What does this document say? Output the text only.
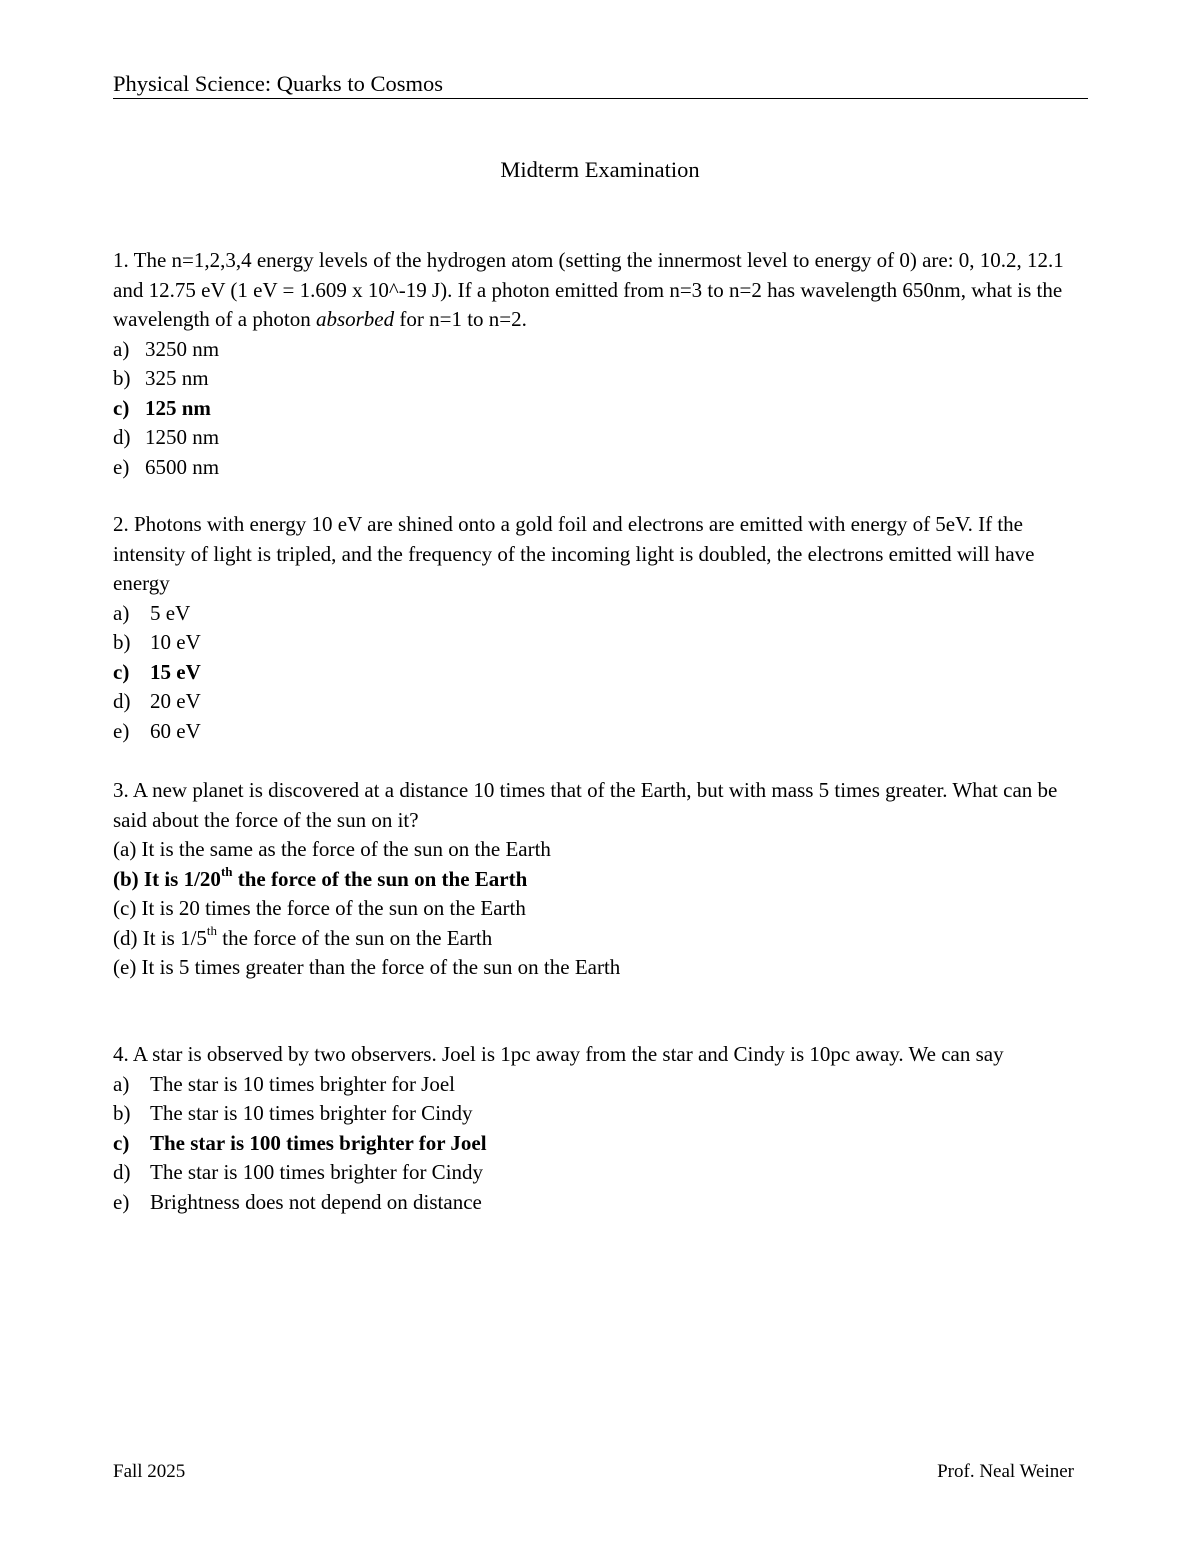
Physical Science: Quarks to Cosmos
Midterm Examination

1. The n=1,2,3,4 energy levels of the hydrogen atom (setting the innermost level to energy of 0) are: 0, 10.2, 12.1 and 12.75 eV (1 eV = 1.609 x 10^-19 J). If a photon emitted from n=3 to n=2 has wavelength 650nm, what is the wavelength of a photon absorbed for n=1 to n=2.

a) 3250 nm
b) 325 nm
c) 125 nm
d) 1250 nm
e) 6500 nm

2. Photons with energy 10 eV are shined onto a gold foil and electrons are emitted with energy of 5eV. If the intensity of light is tripled, and the frequency of the incoming light is doubled, the electrons emitted will have energy

a) 5 eV
b) 10 eV
c) 15 eV
d) 20 eV
e) 60 eV

3. A new planet is discovered at a distance 10 times that of the Earth, but with mass 5 times greater. What can be said about the force of the sun on it?

(a) It is the same as the force of the sun on the Earth
(b) It is 1/20th the force of the sun on the Earth
(c) It is 20 times the force of the sun on the Earth
(d) It is 1/5th the force of the sun on the Earth
(e) It is 5 times greater than the force of the sun on the Earth

4. A star is observed by two observers. Joel is 1pc away from the star and Cindy is 10pc away. We can say

a) The star is 10 times brighter for Joel
b) The star is 10 times brighter for Cindy
c) The star is 100 times brighter for Joel
d) The star is 100 times brighter for Cindy
e) Brightness does not depend on distance
Fall 2025	Prof. Neal Weiner
